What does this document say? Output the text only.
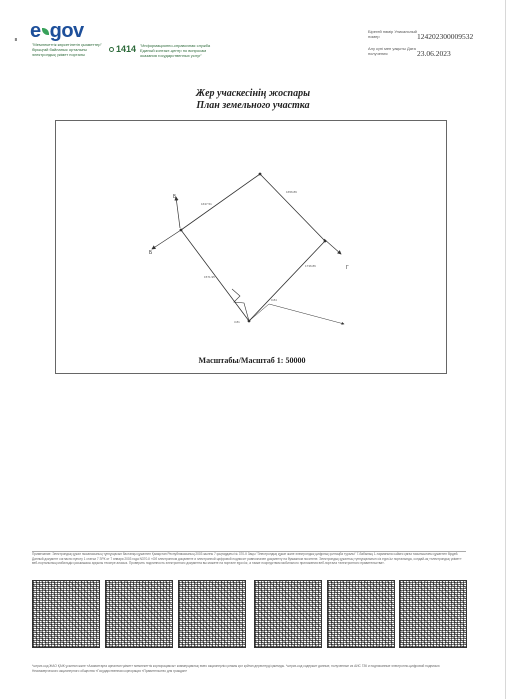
e gov
∎
"Мемлекеттік көрсетілетін қызметтер" бірыңғай байланыс орталығы электрондық үкімет порталы
1414 "Информационно-справочная служба Единый контакт-центр по вопросам оказания государственных услуг"
Бірегей нөмір Уникальный номер	124202300009532
Алу күні мен уақыты Дата получения	23.06.2023
Жер учаскесінің жоспары
План земельного участка
Б
Б
Г
1637.51
1656.89
1736.86
1571.95
3.81
0.84
Масштабы/Масштаб 1: 50000
Примечание: Электрондық құжат нысанасының тұпнұсқасын бастапқы құжатпен Қазақстан Республикасының 2003 жылғы 7 қаңтардағы № 370-II Заңы "Электрондық құжат және электрондық цифрлық қолтаңба туралы" 7-бабының 1-тармағына сәйкес қағаз тасығыштағы құжатпен бірдей. Данный документ согласно пункту 1 статьи 7 ЗРК от 7 января 2003 года N370-II «Об электронном документе и электронной цифровой подписи» равнозначен документу на бумажном носителе. Электрондық құжаттың түпнұсқалығын сіз egov.kz порталында, сондай-ақ «электрондық үкімет» веб-порталының мобильдік қосымшасы арқылы тексере аласыз. Проверить подлинность электронного документа вы можете на портале egov.kz, а также посредством мобильного приложения веб-портала «электронного правительства».
*штрих-код ЖАО ҚАЖ ұсынған және «Азаматтарға арналған үкімет» мемлекеттік корпорациясы» коммерциялық емес акционерлік қоғамы қол қойған деректерді қамтиды. *штрих-код содержит данные, полученные из АИС ГЗК и подписанные электронно-цифровой подписью Некоммерческого акционерного общества «Государственная корпорация «Правительство для граждан»
